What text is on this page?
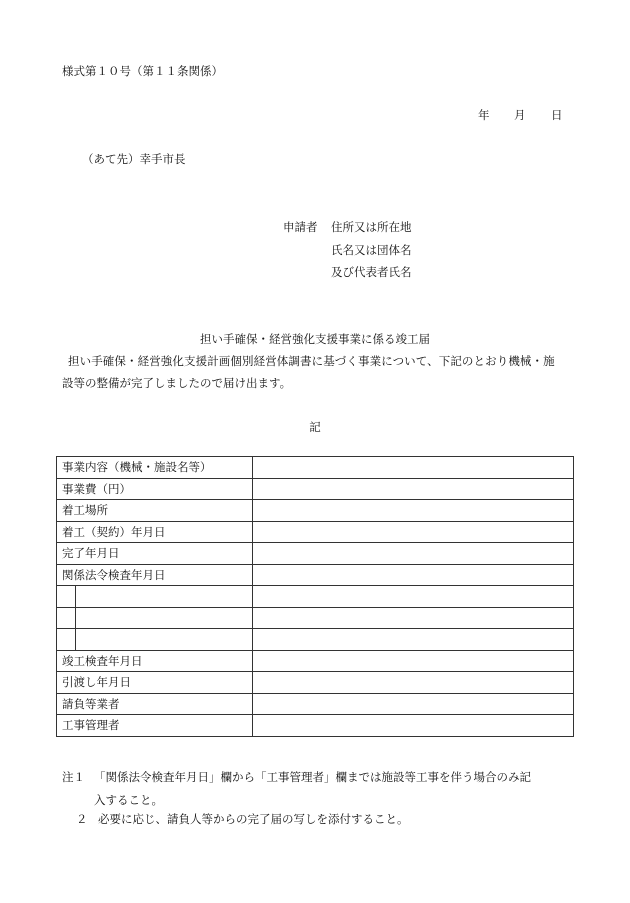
様式第１０号（第１１条関係）
年 月 日
（あて先）幸手市長
申請者 住所又は所在地
氏名又は団体名
及び代表者氏名
担い手確保・経営強化支援事業に係る竣工届
担い手確保・経営強化支援計画個別経営体調書に基づく事業について、下記のとおり機械・施
設等の整備が完了しましたので届け出ます。
記
事業内容（機械・施設名等）	
事業費（円）	
着工場所	
着工（契約）年月日	
完了年月日	
関係法令検査年月日	

竣工検査年月日	
引渡し年月日	
請負等業者	
工事管理者	
注１ 「関係法令検査年月日」欄から「工事管理者」欄までは施設等工事を伴う場合のみ記
入すること。
２ 必要に応じ、請負人等からの完了届の写しを添付すること。
